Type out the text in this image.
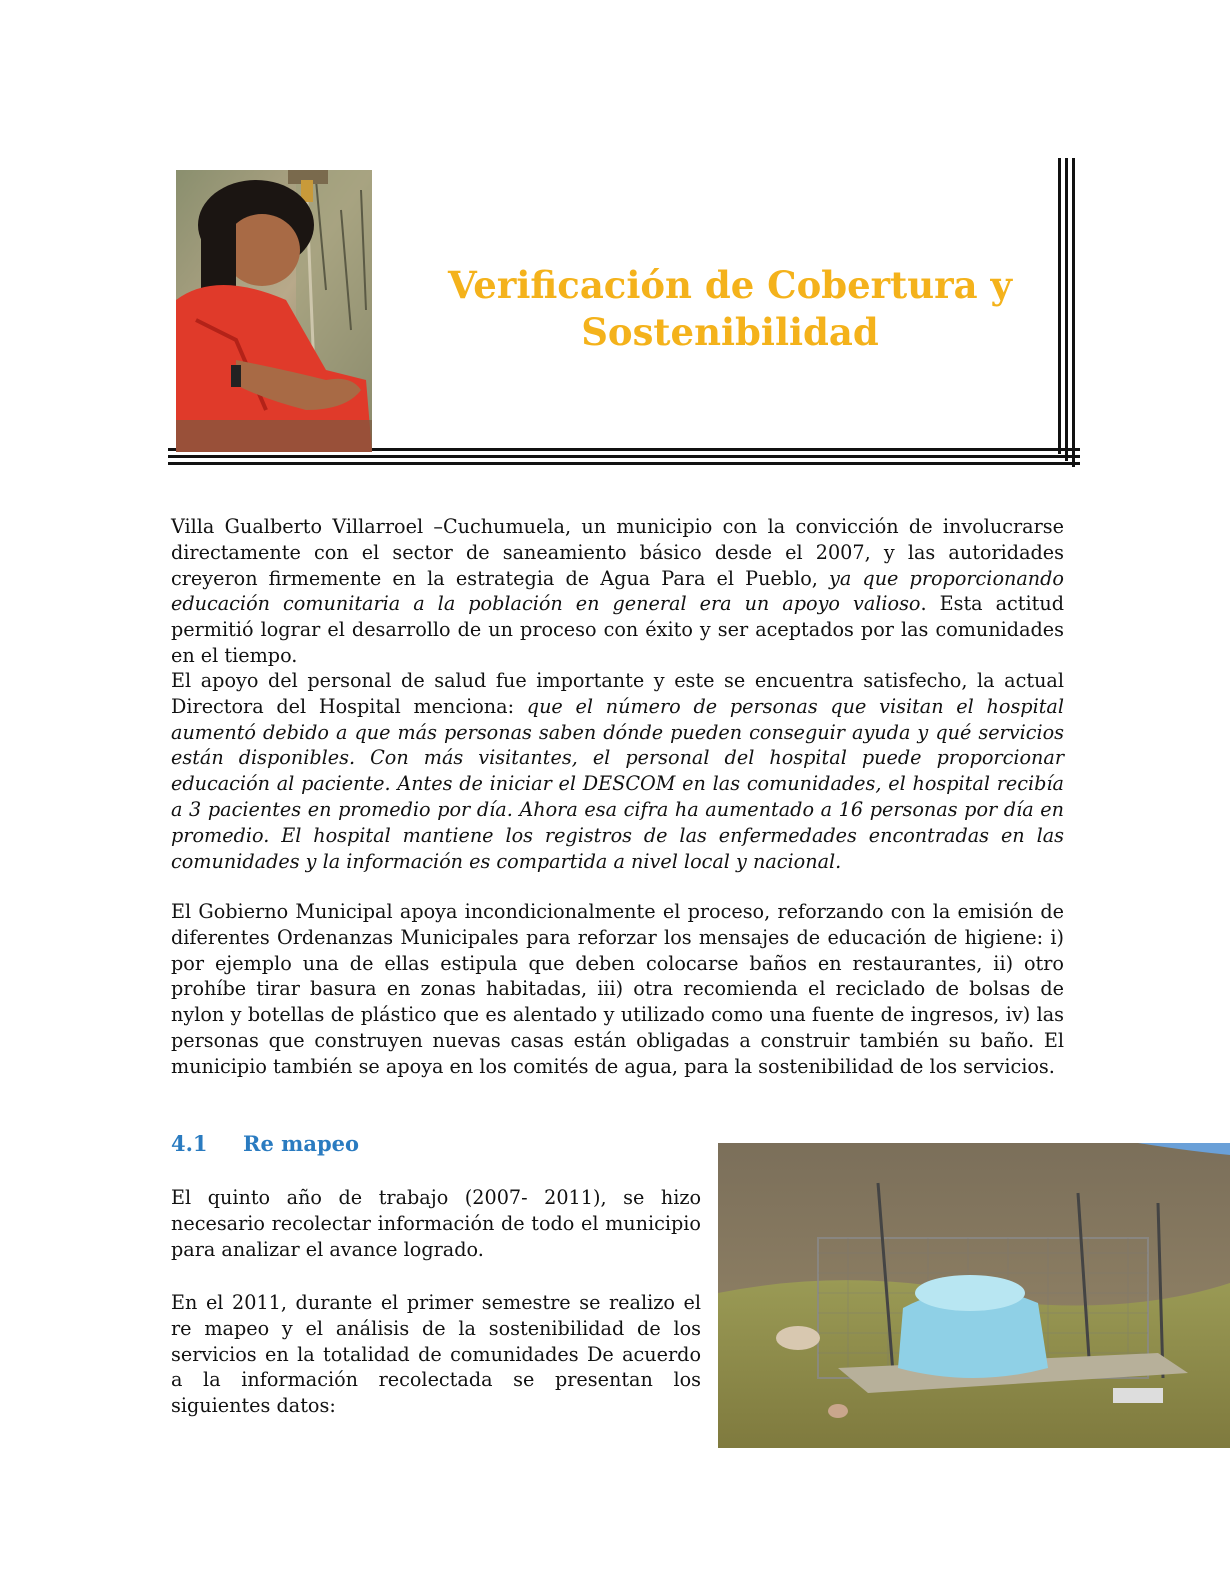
Verificación de Cobertura y
Sostenibilidad

Villa Gualberto Villarroel –Cuchumuela, un municipio con la convicción de involucrarse directamente con el sector de saneamiento básico desde el 2007, y las autoridades creyeron firmemente en la estrategia de Agua Para el Pueblo, ya que proporcionando educación comunitaria a la población en general era un apoyo valioso. Esta actitud permitió lograr el desarrollo de un proceso con éxito y ser aceptados por las comunidades en el tiempo.

El apoyo del personal de salud fue importante y este se encuentra satisfecho, la actual Directora del Hospital menciona: que el número de personas que visitan el hospital aumentó debido a que más personas saben dónde pueden conseguir ayuda y qué servicios están disponibles. Con más visitantes, el personal del hospital puede proporcionar educación al paciente. Antes de iniciar el DESCOM en las comunidades, el hospital recibía a 3 pacientes en promedio por día. Ahora esa cifra ha aumentado a 16 personas por día en promedio. El hospital mantiene los registros de las enfermedades encontradas en las comunidades y la información es compartida a nivel local y nacional.

El Gobierno Municipal apoya incondicionalmente el proceso, reforzando con la emisión de diferentes Ordenanzas Municipales para reforzar los mensajes de educación de higiene: i) por ejemplo una de ellas estipula que deben colocarse baños en restaurantes, ii) otro prohíbe tirar basura en zonas habitadas, iii) otra recomienda el reciclado de bolsas de nylon y botellas de plástico que es alentado y utilizado como una fuente de ingresos, iv) las personas que construyen nuevas casas están obligadas a construir también su baño. El municipio también se apoya en los comités de agua, para la sostenibilidad de los servicios.

4.1 Re mapeo

El quinto año de trabajo (2007- 2011), se hizo necesario recolectar información de todo el municipio para analizar el avance logrado.

En el 2011, durante el primer semestre se realizo el re mapeo y el análisis de la sostenibilidad de los servicios en la totalidad de comunidades De acuerdo a la información recolectada se presentan los siguientes datos:
